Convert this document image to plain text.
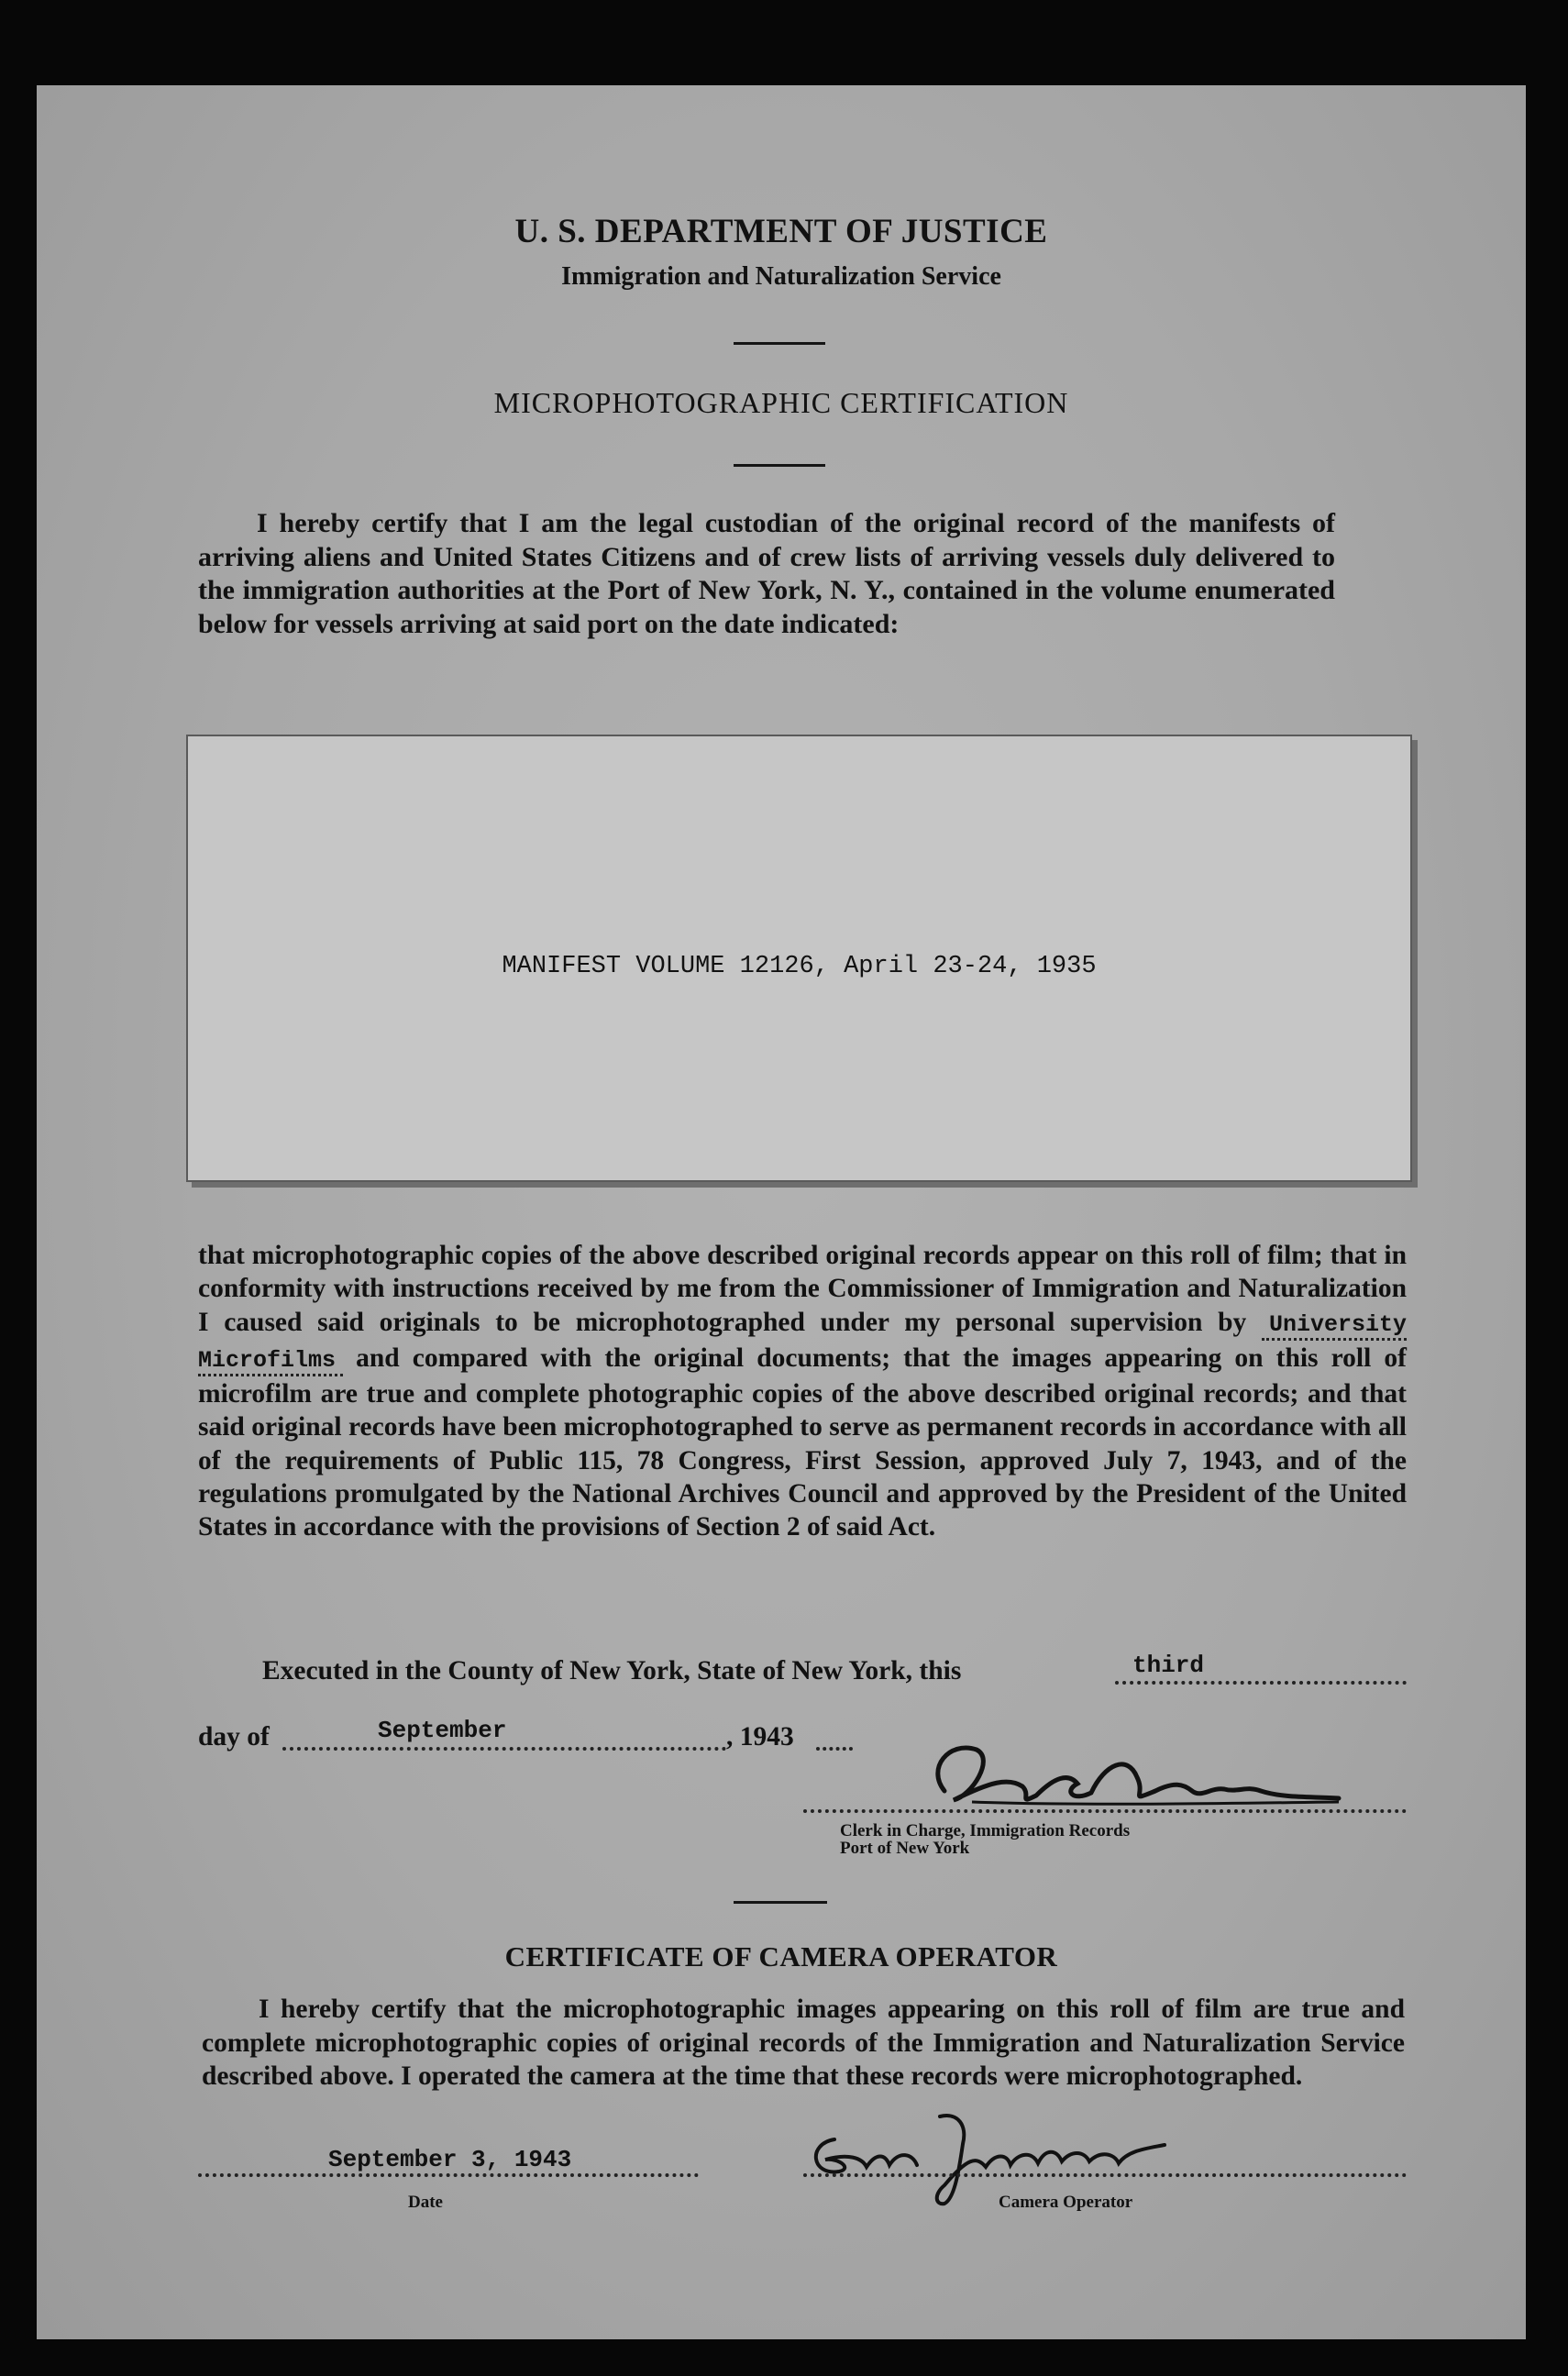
U. S. DEPARTMENT OF JUSTICE
Immigration and Naturalization Service
MICROPHOTOGRAPHIC CERTIFICATION

I hereby certify that I am the legal custodian of the original record of the manifests of arriving aliens and United States Citizens and of crew lists of arriving vessels duly delivered to the immigration authorities at the Port of New York, N. Y., contained in the volume enumerated below for vessels arriving at said port on the date indicated:

MANIFEST VOLUME 12126, April 23-24, 1935

that microphotographic copies of the above described original records appear on this roll of film; that in conformity with instructions received by me from the Commissioner of Immigration and Naturalization I caused said originals to be microphotographed under my personal supervision by University Microfilms and compared with the original documents; that the images appearing on this roll of microfilm are true and complete photographic copies of the above described original records; and that said original records have been microphotographed to serve as permanent records in accordance with all of the requirements of Public 115, 78 Congress, First Session, approved July 7, 1943, and of the regulations promulgated by the National Archives Council and approved by the President of the United States in accordance with the provisions of Section 2 of said Act.

Executed in the County of New York, State of New York, this	third
day of	September	, 1943
Clerk in Charge, Immigration Records
Port of New York
CERTIFICATE OF CAMERA OPERATOR

I hereby certify that the microphotographic images appearing on this roll of film are true and complete microphotographic copies of original records of the Immigration and Naturalization Service described above. I operated the camera at the time that these records were microphotographed.

September 3, 1943
Date	Camera Operator
